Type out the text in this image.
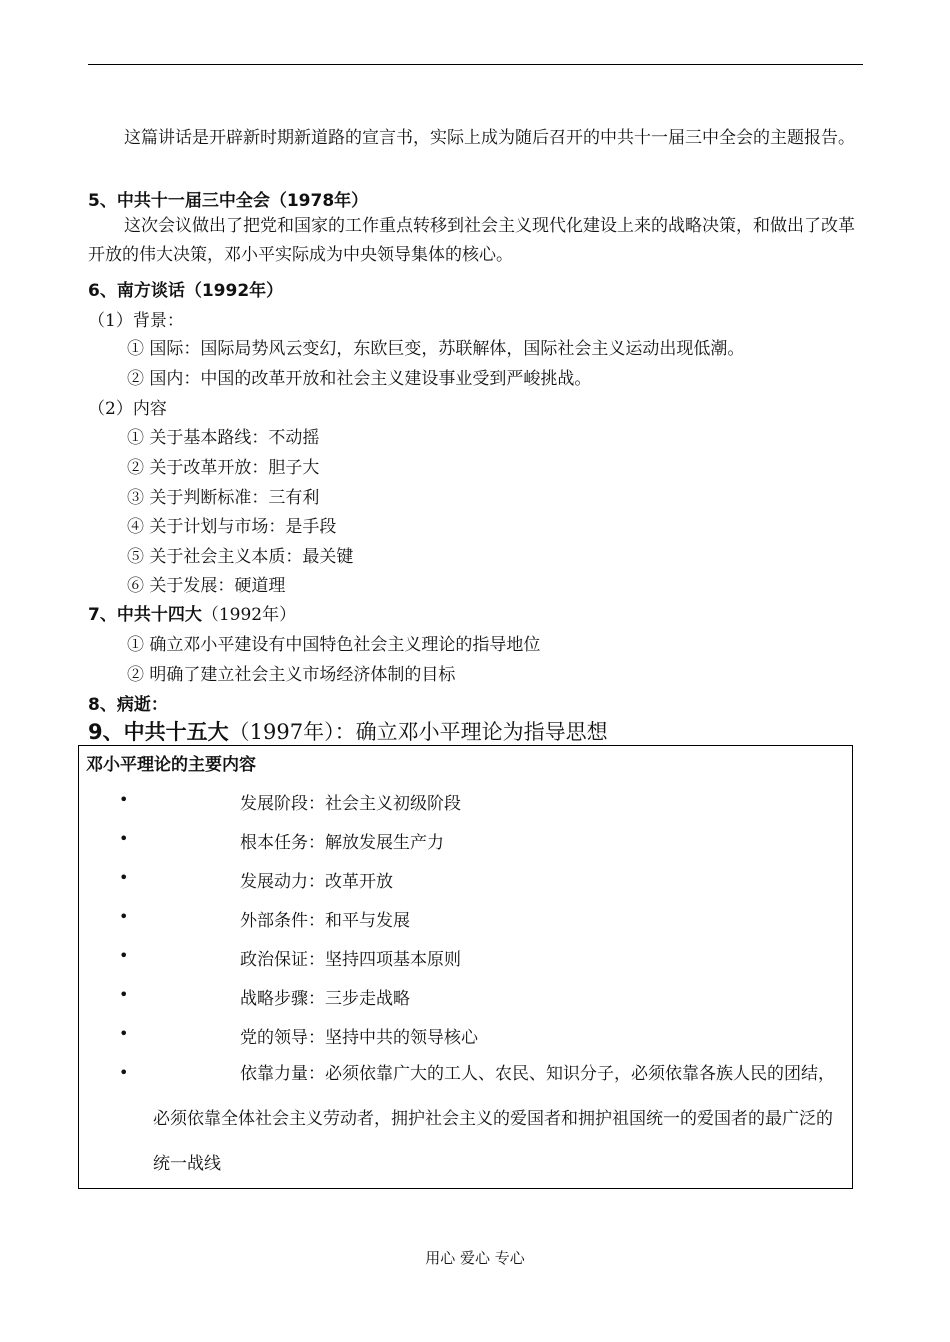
这篇讲话是开辟新时期新道路的宣言书，实际上成为随后召开的中共十一届三中全会的主题报告。
5、中共十一届三中全会（1978年）
这次会议做出了把党和国家的工作重点转移到社会主义现代化建设上来的战略决策，和做出了改革开放的伟大决策，邓小平实际成为中央领导集体的核心。
6、南方谈话（1992年）
（1）背景：
① 国际：国际局势风云变幻，东欧巨变，苏联解体，国际社会主义运动出现低潮。
② 国内：中国的改革开放和社会主义建设事业受到严峻挑战。
（2）内容
① 关于基本路线：不动摇
② 关于改革开放：胆子大
③ 关于判断标准：三有利
④ 关于计划与市场：是手段
⑤ 关于社会主义本质：最关键
⑥ 关于发展：硬道理
7、中共十四大（1992年）
① 确立邓小平建设有中国特色社会主义理论的指导地位
② 明确了建立社会主义市场经济体制的目标
8、病逝：
9、中共十五大（1997年）：确立邓小平理论为指导思想
邓小平理论的主要内容
•	发展阶段：社会主义初级阶段
•	根本任务：解放发展生产力
•	发展动力：改革开放
•	外部条件：和平与发展
•	政治保证：坚持四项基本原则
•	战略步骤：三步走战略
•	党的领导：坚持中共的领导核心
•	依靠力量：必须依靠广大的工人、农民、知识分子，必须依靠各族人民的团结，必须依靠全体社会主义劳动者，拥护社会主义的爱国者和拥护祖国统一的爱国者的最广泛的统一战线
用心 爱心 专心
